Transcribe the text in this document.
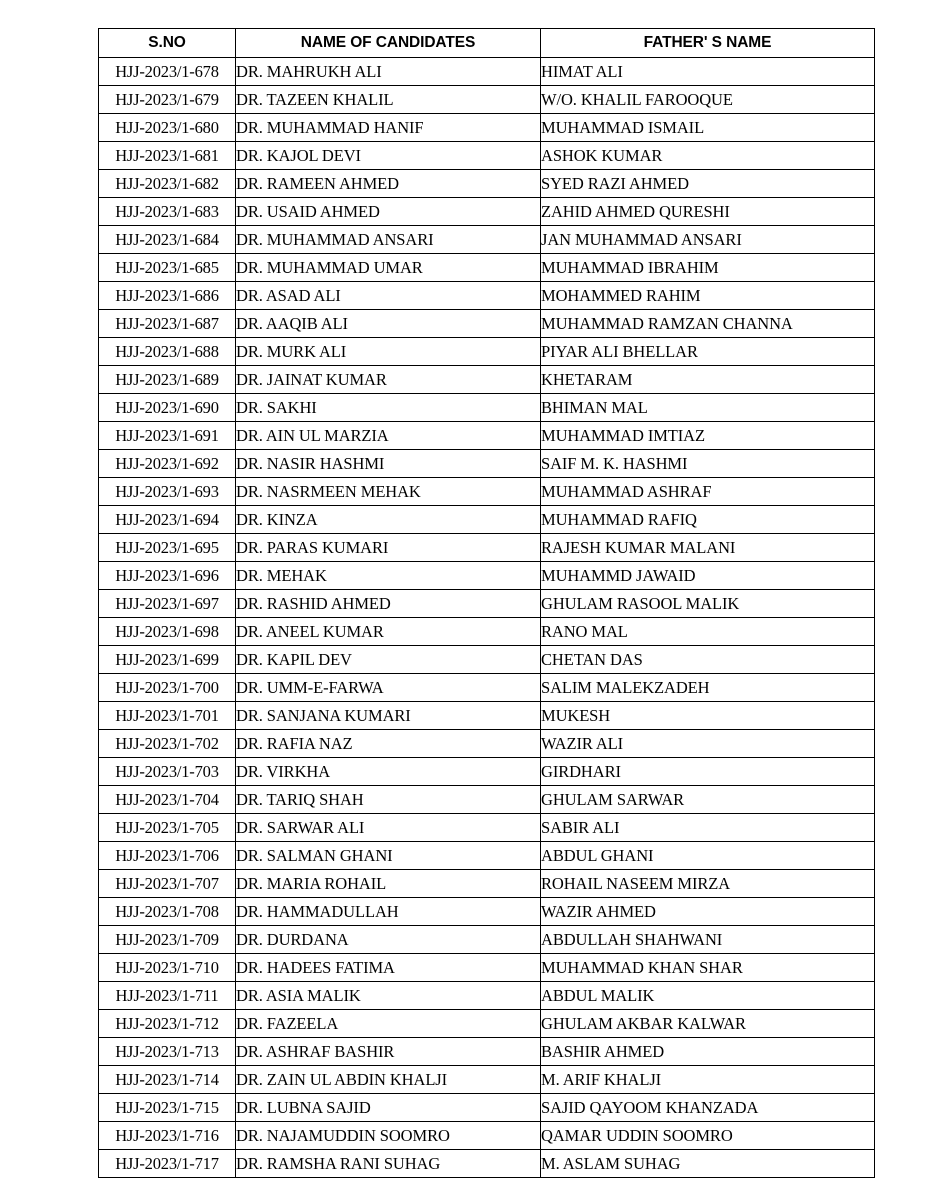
S.NO	NAME OF CANDIDATES	FATHER' S NAME
HJJ-2023/1-678	DR. MAHRUKH ALI	HIMAT ALI
HJJ-2023/1-679	DR. TAZEEN KHALIL	W/O. KHALIL FAROOQUE
HJJ-2023/1-680	DR. MUHAMMAD HANIF	MUHAMMAD ISMAIL
HJJ-2023/1-681	DR. KAJOL DEVI	ASHOK KUMAR
HJJ-2023/1-682	DR. RAMEEN AHMED	SYED RAZI AHMED
HJJ-2023/1-683	DR. USAID AHMED	ZAHID AHMED QURESHI
HJJ-2023/1-684	DR. MUHAMMAD ANSARI	JAN MUHAMMAD ANSARI
HJJ-2023/1-685	DR. MUHAMMAD UMAR	MUHAMMAD IBRAHIM
HJJ-2023/1-686	DR. ASAD ALI	MOHAMMED RAHIM
HJJ-2023/1-687	DR. AAQIB ALI	MUHAMMAD RAMZAN CHANNA
HJJ-2023/1-688	DR. MURK ALI	PIYAR ALI BHELLAR
HJJ-2023/1-689	DR. JAINAT KUMAR	KHETARAM
HJJ-2023/1-690	DR. SAKHI	BHIMAN MAL
HJJ-2023/1-691	DR. AIN UL MARZIA	MUHAMMAD IMTIAZ
HJJ-2023/1-692	DR. NASIR HASHMI	SAIF M. K. HASHMI
HJJ-2023/1-693	DR. NASRMEEN MEHAK	MUHAMMAD ASHRAF
HJJ-2023/1-694	DR. KINZA	MUHAMMAD RAFIQ
HJJ-2023/1-695	DR. PARAS KUMARI	RAJESH KUMAR MALANI
HJJ-2023/1-696	DR. MEHAK	MUHAMMD JAWAID
HJJ-2023/1-697	DR. RASHID AHMED	GHULAM RASOOL MALIK
HJJ-2023/1-698	DR. ANEEL KUMAR	RANO MAL
HJJ-2023/1-699	DR. KAPIL DEV	CHETAN DAS
HJJ-2023/1-700	DR. UMM-E-FARWA	SALIM MALEKZADEH
HJJ-2023/1-701	DR. SANJANA KUMARI	MUKESH
HJJ-2023/1-702	DR. RAFIA NAZ	WAZIR ALI
HJJ-2023/1-703	DR. VIRKHA	GIRDHARI
HJJ-2023/1-704	DR. TARIQ SHAH	GHULAM SARWAR
HJJ-2023/1-705	DR. SARWAR ALI	SABIR ALI
HJJ-2023/1-706	DR. SALMAN GHANI	ABDUL GHANI
HJJ-2023/1-707	DR. MARIA ROHAIL	ROHAIL NASEEM MIRZA
HJJ-2023/1-708	DR. HAMMADULLAH	WAZIR AHMED
HJJ-2023/1-709	DR. DURDANA	ABDULLAH SHAHWANI
HJJ-2023/1-710	DR. HADEES FATIMA	MUHAMMAD KHAN SHAR
HJJ-2023/1-711	DR. ASIA MALIK	ABDUL MALIK
HJJ-2023/1-712	DR. FAZEELA	GHULAM AKBAR KALWAR
HJJ-2023/1-713	DR. ASHRAF BASHIR	BASHIR AHMED
HJJ-2023/1-714	DR. ZAIN UL ABDIN KHALJI	M. ARIF KHALJI
HJJ-2023/1-715	DR. LUBNA SAJID	SAJID QAYOOM KHANZADA
HJJ-2023/1-716	DR. NAJAMUDDIN SOOMRO	QAMAR UDDIN SOOMRO
HJJ-2023/1-717	DR. RAMSHA RANI SUHAG	M. ASLAM SUHAG
